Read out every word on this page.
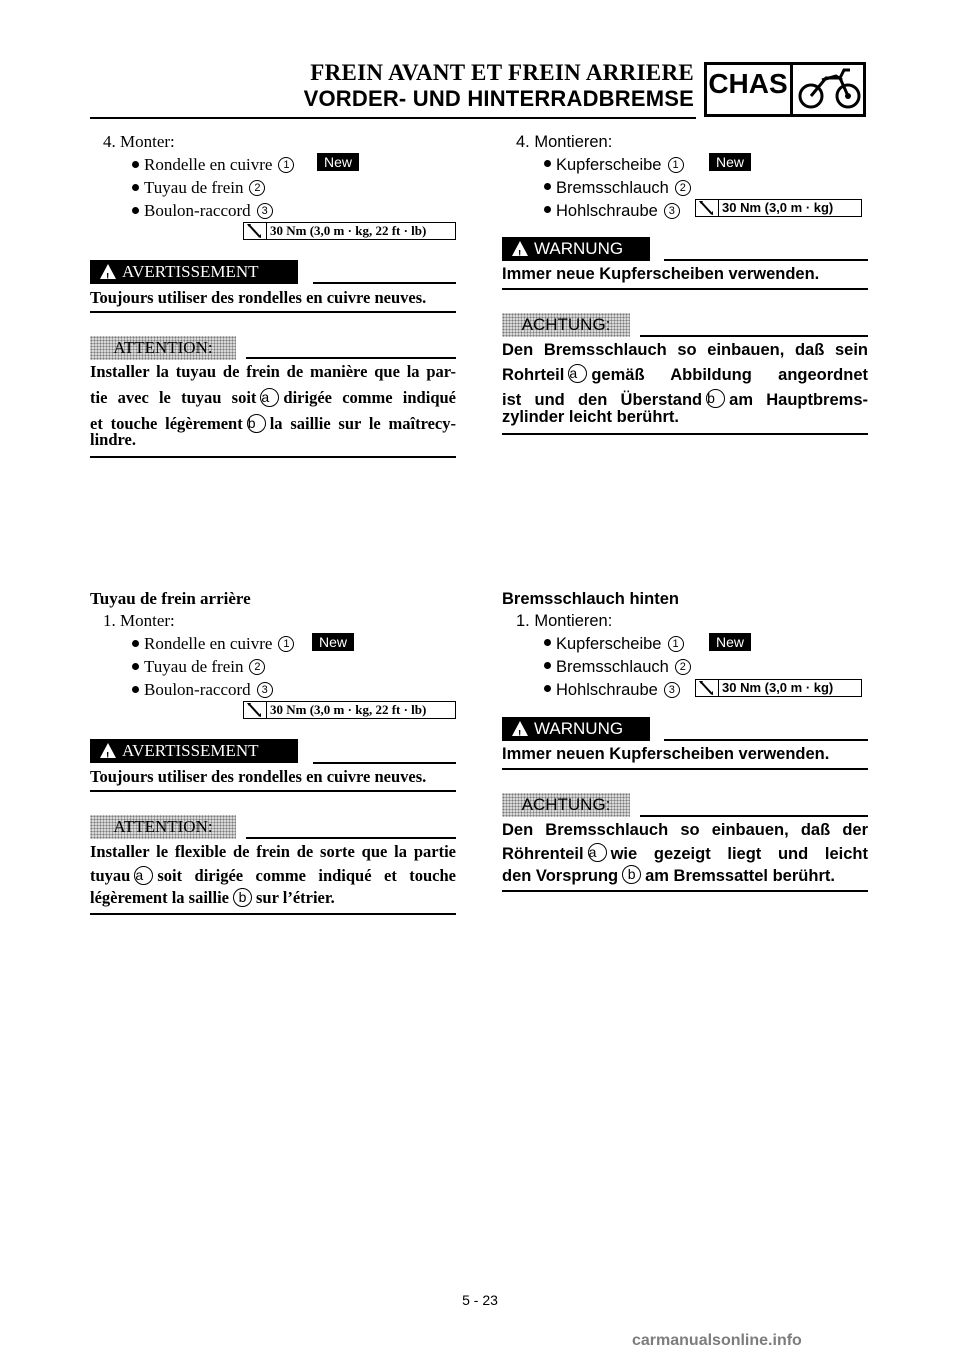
FREIN AVANT ET FREIN ARRIERE
VORDER- UND HINTERRADBREMSE CHAS
4. Monter:
Rondelle en cuivre 1	New
Tuyau de frein 2
Boulon-raccord 3
30 Nm (3,0 m · kg, 22 ft · lb)
!
AVERTISSEMENT
Toujours utiliser des rondelles en cuivre neuves.
ATTENTION:
Installer la tuyau de frein de manière que la par-
tie avec le tuyau soit a dirigée comme indiqué
et touche légèrement b la saillie sur le maîtrecy-
lindre.
4. Montieren:
Kupferscheibe 1	New
Bremsschlauch 2
Hohlschraube 3	30 Nm (3,0 m · kg)
!
WARNUNG
Immer neue Kupferscheiben verwenden.
ACHTUNG:
Den Bremsschlauch so einbauen, daß sein
Rohrteil a gemäß Abbildung angeordnet
ist und den Überstand b am Hauptbrems-
zylinder leicht berührt.
Tuyau de frein arrière
1. Monter:
Rondelle en cuivre 1	New
Tuyau de frein 2
Boulon-raccord 3
30 Nm (3,0 m · kg, 22 ft · lb)
!
AVERTISSEMENT
Toujours utiliser des rondelles en cuivre neuves.
ATTENTION:
Installer le flexible de frein de sorte que la partie
tuyau a soit dirigée comme indiqué et touche
légèrement la saillie b sur l’étrier.
Bremsschlauch hinten
1. Montieren:
Kupferscheibe 1	New
Bremsschlauch 2
Hohlschraube 3	30 Nm (3,0 m · kg)
!
WARNUNG
Immer neuen Kupferscheiben verwenden.
ACHTUNG:
Den Bremsschlauch so einbauen, daß der
Röhrenteil a wie gezeigt liegt und leicht
den Vorsprung b am Bremssattel berührt.
5 - 23
carmanualsonline.info
